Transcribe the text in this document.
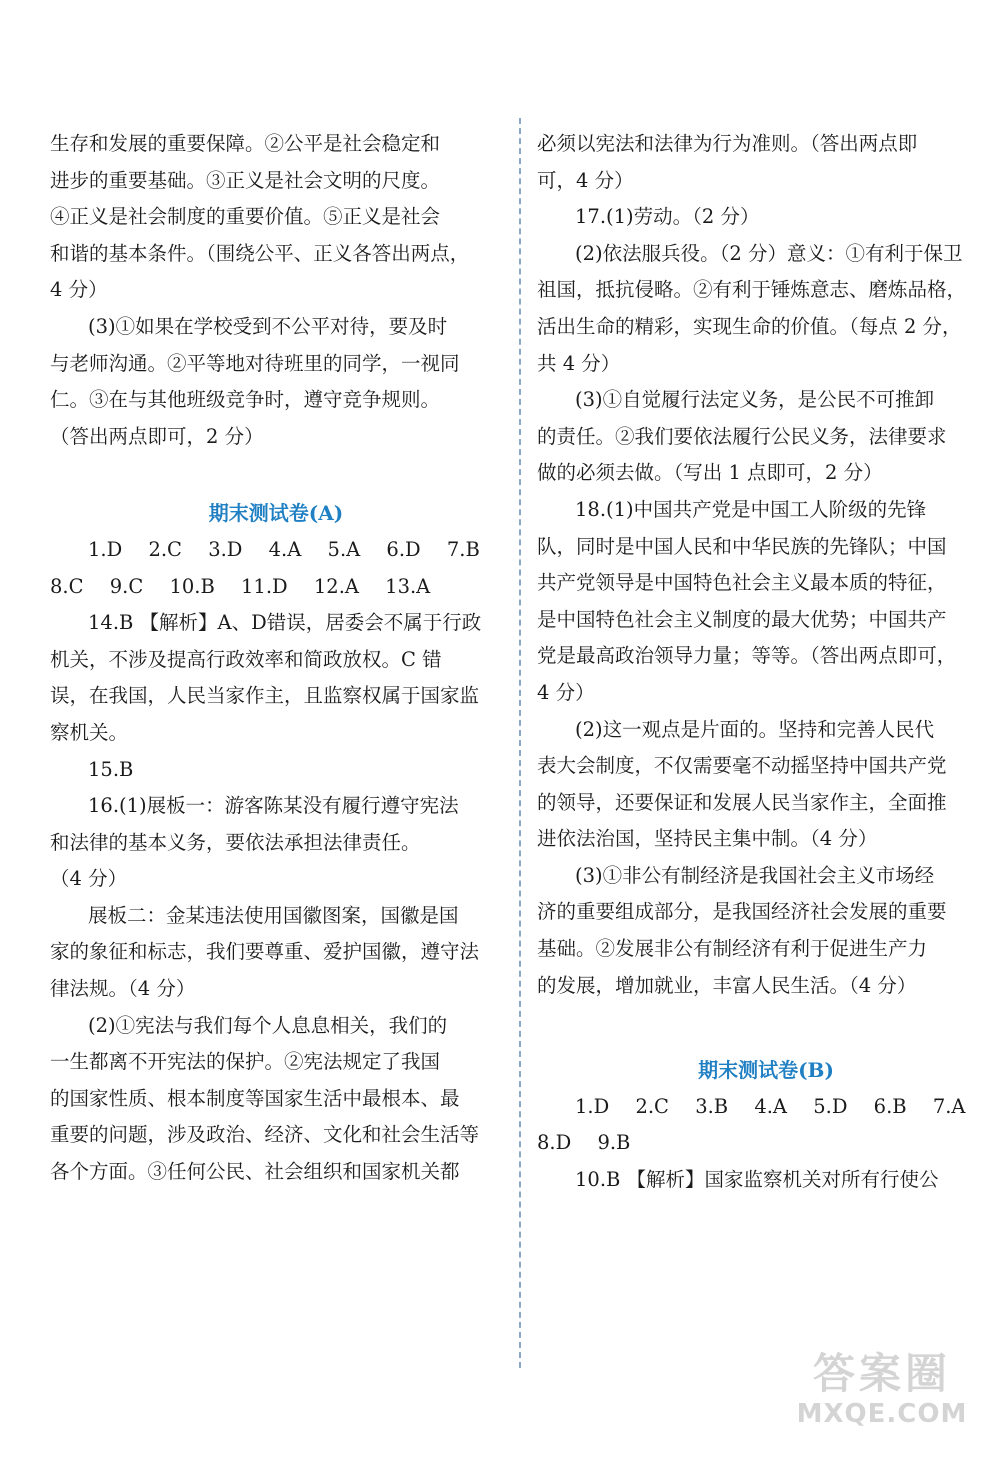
生存和发展的重要保障。②公平是社会稳定和
进步的重要基础。③正义是社会文明的尺度。
④正义是社会制度的重要价值。⑤正义是社会
和谐的基本条件。（围绕公平、正义各答出两点，
4 分）
(3)①如果在学校受到不公平对待，要及时
与老师沟通。②平等地对待班里的同学，一视同
仁。③在与其他班级竞争时，遵守竞争规则。
（答出两点即可，2 分）
期末测试卷(A)
1.D 2.C 3.D 4.A 5.A 6.D 7.B
8.C 9.C 10.B 11.D 12.A 13.A
14.B 【解析】A、D错误，居委会不属于行政
机关，不涉及提高行政效率和简政放权。C 错
误，在我国，人民当家作主，且监察权属于国家监
察机关。
15.B
16.(1)展板一：游客陈某没有履行遵守宪法
和法律的基本义务，要依法承担法律责任。
（4 分）
展板二：金某违法使用国徽图案，国徽是国
家的象征和标志，我们要尊重、爱护国徽，遵守法
律法规。（4 分）
(2)①宪法与我们每个人息息相关，我们的
一生都离不开宪法的保护。②宪法规定了我国
的国家性质、根本制度等国家生活中最根本、最
重要的问题，涉及政治、经济、文化和社会生活等
各个方面。③任何公民、社会组织和国家机关都
必须以宪法和法律为行为准则。（答出两点即
可，4 分）
17.(1)劳动。（2 分）
(2)依法服兵役。（2 分）意义：①有利于保卫
祖国，抵抗侵略。②有利于锤炼意志、磨炼品格，
活出生命的精彩，实现生命的价值。（每点 2 分，
共 4 分）
(3)①自觉履行法定义务，是公民不可推卸
的责任。②我们要依法履行公民义务，法律要求
做的必须去做。（写出 1 点即可，2 分）
18.(1)中国共产党是中国工人阶级的先锋
队，同时是中国人民和中华民族的先锋队；中国
共产党领导是中国特色社会主义最本质的特征，
是中国特色社会主义制度的最大优势；中国共产
党是最高政治领导力量；等等。（答出两点即可，
4 分）
(2)这一观点是片面的。坚持和完善人民代
表大会制度，不仅需要毫不动摇坚持中国共产党
的领导，还要保证和发展人民当家作主，全面推
进依法治国，坚持民主集中制。（4 分）
(3)①非公有制经济是我国社会主义市场经
济的重要组成部分，是我国经济社会发展的重要
基础。②发展非公有制经济有利于促进生产力
的发展，增加就业，丰富人民生活。（4 分）
期末测试卷(B)
1.D 2.C 3.B 4.A 5.D 6.B 7.A
8.D 9.B
10.B 【解析】国家监察机关对所有行使公
答案圈
MXQE.COM
